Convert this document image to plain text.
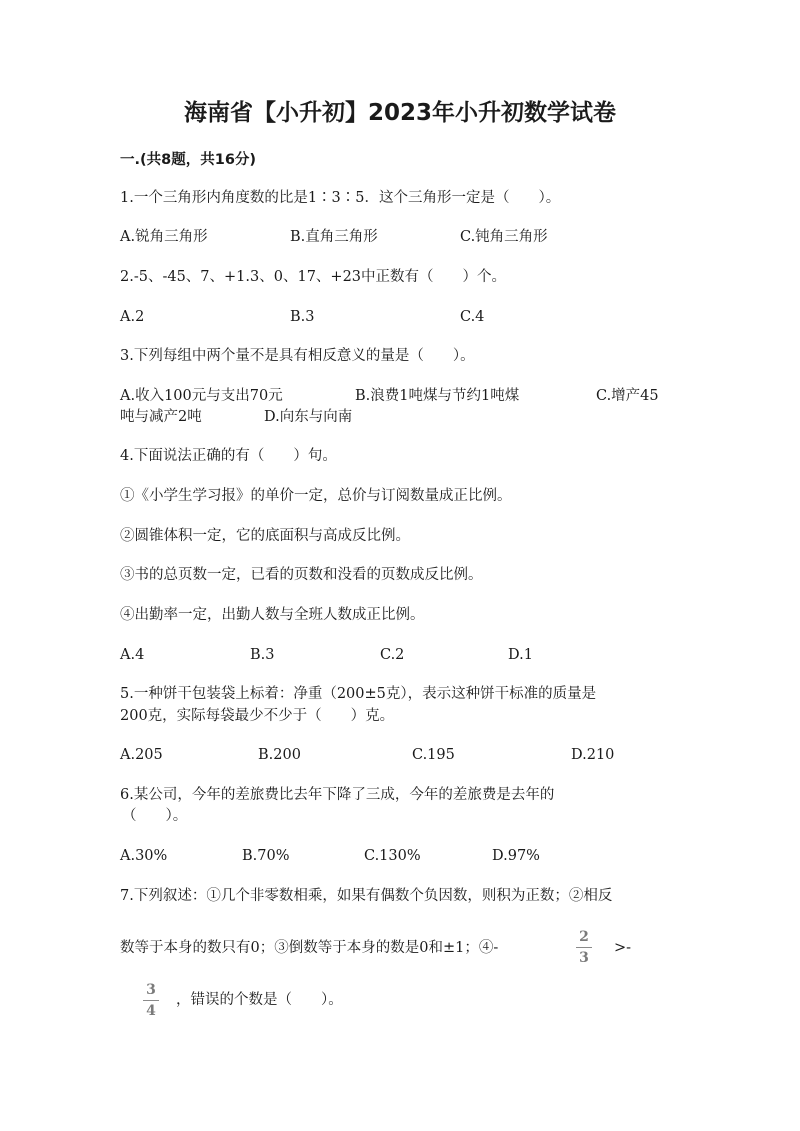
海南省【小升初】2023年小升初数学试卷
一.(共8题，共16分)
1.一个三角形内角度数的比是1∶3∶5．这个三角形一定是（　　）。
A.锐角三角形	B.直角三角形	C.钝角三角形
2.-5、-45、7、+1.3、0、17、+23中正数有（　　）个。
A.2	B.3	C.4
3.下列每组中两个量不是具有相反意义的量是（　　）。
A.收入100元与支出70元	B.浪费1吨煤与节约1吨煤	C.增产45
吨与减产2吨	D.向东与向南
4.下面说法正确的有（　　）句。
①《小学生学习报》的单价一定，总价与订阅数量成正比例。
②圆锥体积一定，它的底面积与高成反比例。
③书的总页数一定，已看的页数和没看的页数成反比例。
④出勤率一定，出勤人数与全班人数成正比例。
A.4	B.3	C.2	D.1
5.一种饼干包装袋上标着：净重（200±5克），表示这种饼干标准的质量是
200克，实际每袋最少不少于（　　）克。
A.205	B.200	C.195	D.210
6.某公司，今年的差旅费比去年下降了三成，今年的差旅费是去年的
（　　）。
A.30%	B.70%	C.130%	D.97%
7.下列叙述：①几个非零数相乘，如果有偶数个负因数，则积为正数；②相反
数等于本身的数只有0；③倒数等于本身的数是0和±1；④-
2
3
>-
3
4
，错误的个数是（　　）。
